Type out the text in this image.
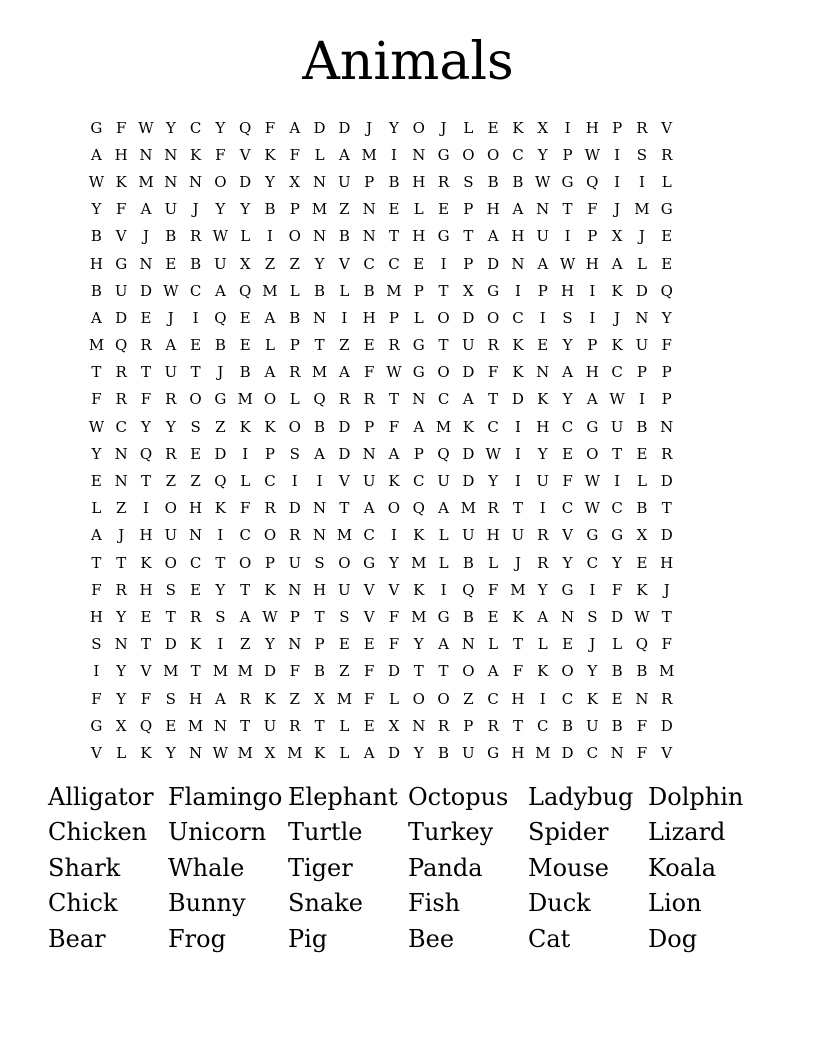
Animals
G F W Y C Y Q F A D D	J	Y O	J	L E K X	I	H P R V
A H N N K F V K F L A M I	N G O O C Y P W I	S R
W K M N N O D Y X N U P B H R S B B W G Q	I	I	L
Y F A U	J	Y Y B P M Z N E L E P H A N T F	J M G
B V	J	B R W L	I	O N B N T H G T A H U	I	P X	J	E
H G N E B U X Z Z Y V C C E	I	P D N A W H A L E
B U D W C A Q M L B L B M P T X G	I	P H	I	K D Q
A D E	J	I	Q E A B N	I	H P L O D O C	I	S	I	J	N Y
M Q R A E B E L P T Z E R G T U R K E Y P K U F
T R T U T	J	B A R M A F W G O D F K N A H C P P
F R F R O G M O L Q R R T N C A T D K Y A W I	P
W C Y Y S Z K K O B D P F A M K C	I	H C G U B N
Y N Q R E D	I	P S A D N A P Q D W I	Y E O T E R
E N T Z Z Q L C	I	I	V U K C U D Y	I	U F W I	L D
L Z	I	O H K F R D N T A O Q A M R T	I	C W C B T
A	J	H U N	I	C O R N M C	I	K L U H U R V G G X D
T T K O C T O P U S O G Y M L B L	J	R Y C Y E H
F R H S E Y T K N H U V V K	I	Q F M Y G	I	F K	J
H Y E T R S A W P T S V F M G B E K A N S D W T
S N T D K	I	Z Y N P E E F Y A N L T L E	J	L Q F
I	Y V M T M M D F B Z F D T T O A F K O Y B B M
F Y F S H A R K Z X M F L O O Z C H	I	C K E N R
G X Q E M N T U R T L E X N R P R T C B U B F D
V L K Y N W M X M K L A D Y B U G H M D C N F V
Alligator Flamingo Elephant Octopus Ladybug Dolphin
Chicken Unicorn Turtle	Turkey	Spider	Lizard
Shark	Whale	Tiger	Panda	Mouse	Koala
Chick	Bunny	Snake	Fish	Duck	Lion
Bear	Frog	Pig	Bee	Cat	Dog
